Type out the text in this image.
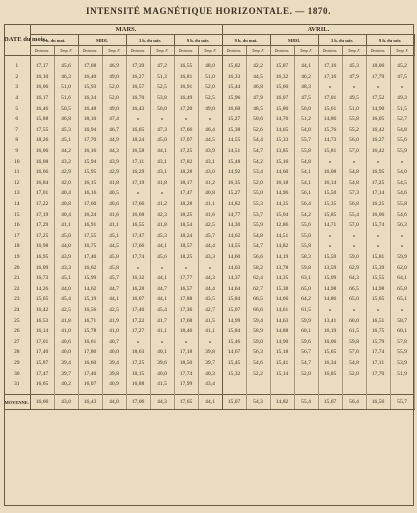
INTENSITÉ MAGNÉTIQUE HORIZONTALE. — 1870.
DATE du mois.	MARS.								AVRIL.							
	9 h. du mat.		MIDI.		3 h. du soir.		9 h. du soir.		9 h. du mat.		MIDI.		3 h. du soir.		9 h. du soir.	
	Divisions.	Temp. F.	Divisions.	Temp. F.	Divisions.	Temp. F.	Divisions.	Temp. F.	Divisions.	Temp. F.	Divisions.	Temp. F.	Divisions.	Temp. F.	Divisions.	Temp. F.

1	17,17	45,6	17,68	46,9	17,39	47,2	16,55	48,0	15,82	42,2	15,87	44,1	17,16	45,3	18,06	45,2
2	16,10	46,3	16,40	49,0	16,27	51,3	16,81	51,0	16,33	44,5	16,32	46,2	17,16	47,9	17,79	47,5
3	16,06	51,0	15,93	52,0	16,57	52,5	16,91	52,0	15,44	46,8	15,66	48,3	»	»	»	»
4	16,17	51,6	16,34	52,0	16,70	53,8	16,49	52,5	15,96	47,9	16,07	47,5	17,01	49,5	17,52	49,3
5	16,46	50,5	16,48	49,0	16,43	50,0	17,20	49,0	16,68	48,5	15,80	50,0	15,61	51,0	14,90	51,5
6	15,88	46,8	18,10	47,4	»	»	»	»	15,27	50,6	14,70	51,2	14,86	55,8	16,05	52,7
7	17,55	45,3	16,94	46,7	16,65	47,3	17,66	46,4	15,38	52,6	14,65	54,0	15,76	55,2	16,42	54,8
8	18,26	45,1	17,70	44,9	18,24	45,0	17,07	44,5	14,55	54,4	15,33	55,7	14,73	56,0	16,27	55,6
9	16,06	44,2	16,16	44,3	16,58	44,1	17,25	43,9	14,51	54,7	13,85	55,8	15,81	57,0	16,42	55,9
10	16,08	43,2	15,94	43,9	17,11	43,1	17,82	43,1	15,48	54,2	15,16	54,8	»	»	»	»
11	16,66	42,9	15,95	42,9	16,29	43,1	18,28	43,0	14,92	53,4	14,60	54,1	16,08	54,8	16,95	54,0
12	16,84	42,0	16,15	41,8	17,19	41,8	18,17	41,2	16,35	52,0	16,18	54,1	16,14	54,8	17,25	54,5
13	17,01	40,4	16,16	40,5	»	»	17,47	40,8	15,27	55,0	14,96	56,1	15,50	57,3	17,14	54,6
14	17,22	40,8	17,60	40,6	17,66	41,2	18,28	41,1	14,82	55,3	14,35	56,4	15,35	56,8	16,25	55,8
15	17,19	40,4	16,24	41,6	16,68	42,3	18,25	41,6	14,77	53,7	15,04	54,2	15,85	55,4	16,06	54,6
16	17,29	41,1	16,91	41,1	16,55	41,8	18,54	42,5	14,30	55,9	12,86	55,6	14,71	57,0	15,74	56,3
17	17,25	45,0	17,55	45,1	17,47	45,3	18,24	45,7	14,62	54,8	14,51	55,0	»	»	»	»
18	16,98	44,0	16,75	44,5	17,66	44,1	18,57	44,4	14,55	54,7	14,82	55,8	»	»	»	»
19	16,95	43,9	17,40	45,8	17,74	45,6	18,25	43,3	14,60	56,6	14,19	58,3	15,59	59,0	15,81	59,9
20	16,09	43,3	16,62	45,8	»	»	»	»	14,03	58,2	13,78	59,8	13,59	62,9	15,39	62,0
21	16,73	45,1	15,99	45,7	16,32	44,1	17,77	44,3	14,37	62,4	14,35	63,1	15,09	64,3	15,55	64,1
22	14,26	44,0	14,62	44,7	16,28	44,7	16,57	44,4	14,64	62,7	15,38	65,0	14,98	66,5	14,98	65,8
23	15,65	45,4	15,19	44,1	16,07	44,1	17,88	43,5	15,84	66,5	14,66	64,2	14,86	65,0	15,65	65,1
24	16,42	42,5	16,56	42,5	17,40	45,4	17,36	42,7	15,07	66,6	14,61	61,5	»	»	»	»
25	16,53	41,8	16,71	41,9	17,22	41,7	17,68	41,5	14,99	59,4	14,63	59,9	13,41	60,0	16,51	58,7
26	16,14	41,0	15,78	41,0	17,27	41,1	18,46	41,1	15,84	58,9	14,88	60,1	16,19	61,5	16,75	60,1
27	17,01	40,6	16,61	40,7	»	»	»	»	15,46	59,0	14,90	59,6	16,06	59,8	15,79	57,8
28	17,40	40,0	17,80	40,0	18,63	40,1	17,18	39,8	14,67	56,3	15,18	56,7	15,65	57,0	17,74	55,9
29	15,87	39,4	16,60	39,4	17,25	39,6	18,50	39,7	15,45	54,6	15,41	54,7	16,34	54,8	17,11	53,9
30	17,47	39,7	17,40	39,8	18,15	40,0	17,74	40,3	15,32	52,2	15,14	52,0	16,85	52,0	17,70	51,9
31	16,65	40,2	16,07	40,9	16,88	41,5	17,99	43,4								

MOYENNE.	16,66	43,0	16,43	44,0	17,06	44,3	17,65	44,1	15,07	54,3	14,82	55,4	15,67	56,4	16,56	55,7
